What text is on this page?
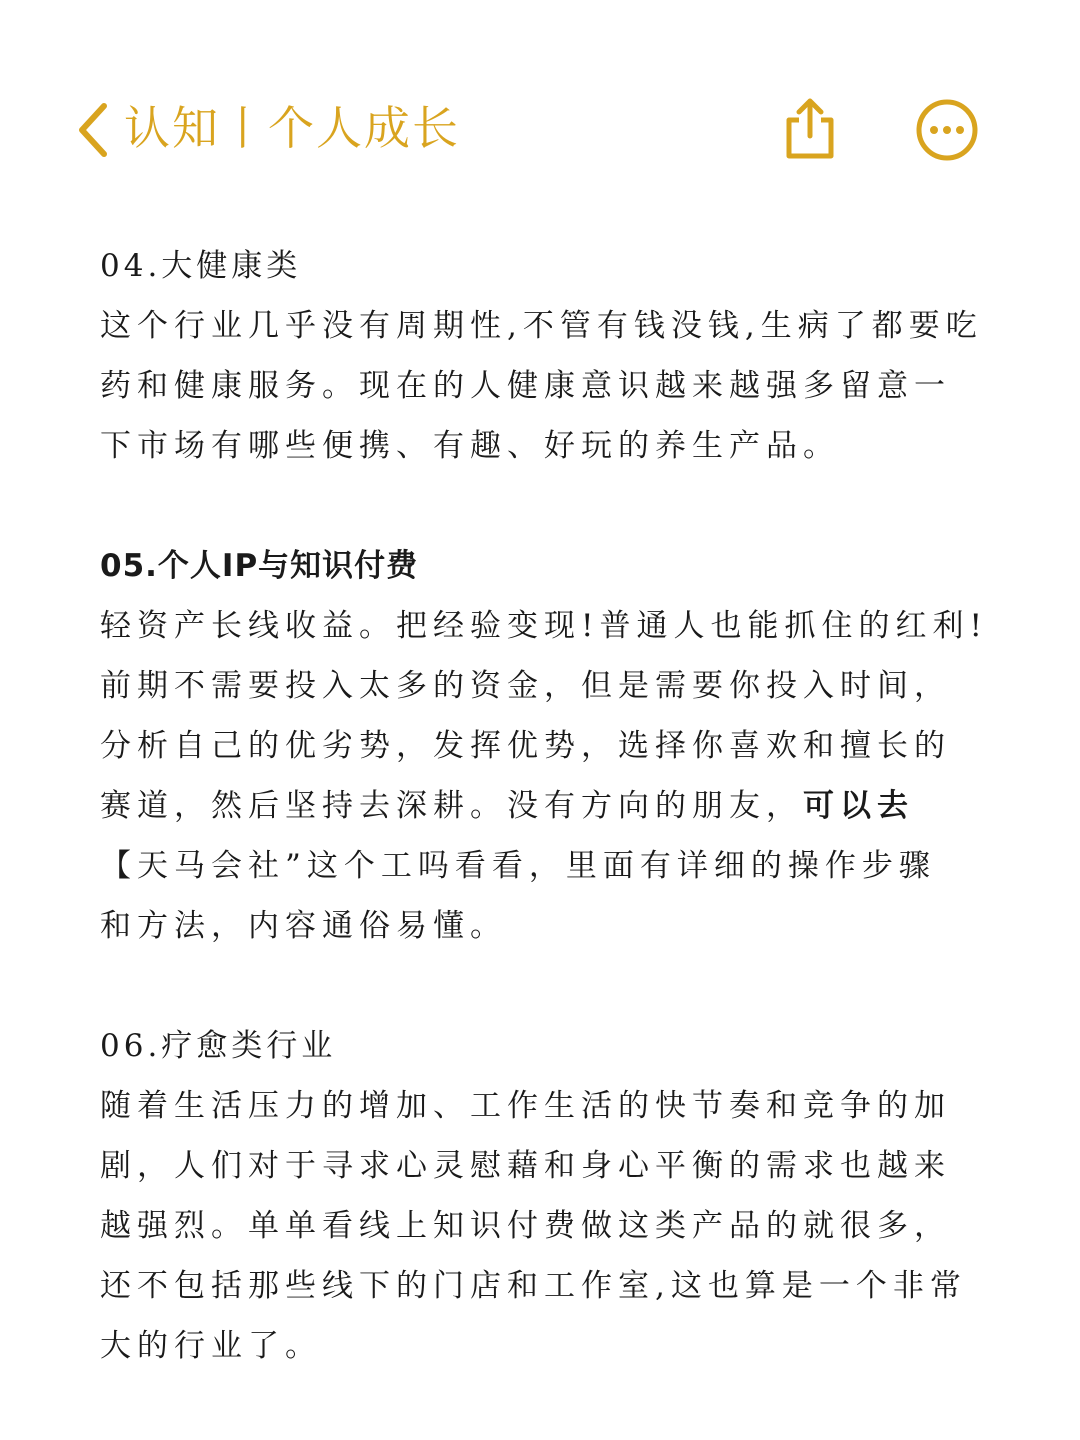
认知丨个人成长
04.大健康类
这个行业几乎没有周期性,不管有钱没钱,生病了都要吃
药和健康服务。现在的人健康意识越来越强多留意一
下市场有哪些便携、有趣、好玩的养生产品。
05.个人IP与知识付费
轻资产长线收益。把经验变现!普通人也能抓住的红利!
前期不需要投入太多的资金，但是需要你投入时间，
分析自己的优劣势，发挥优势，选择你喜欢和擅长的
赛道，然后坚持去深耕。没有方向的朋友，可以去
【天马会社”这个工吗看看，里面有详细的操作步骤
和方法，内容通俗易懂。
06.疗愈类行业
随着生活压力的增加、工作生活的快节奏和竞争的加
剧，人们对于寻求心灵慰藉和身心平衡的需求也越来
越强烈。单单看线上知识付费做这类产品的就很多，
还不包括那些线下的门店和工作室,这也算是一个非常
大的行业了。
